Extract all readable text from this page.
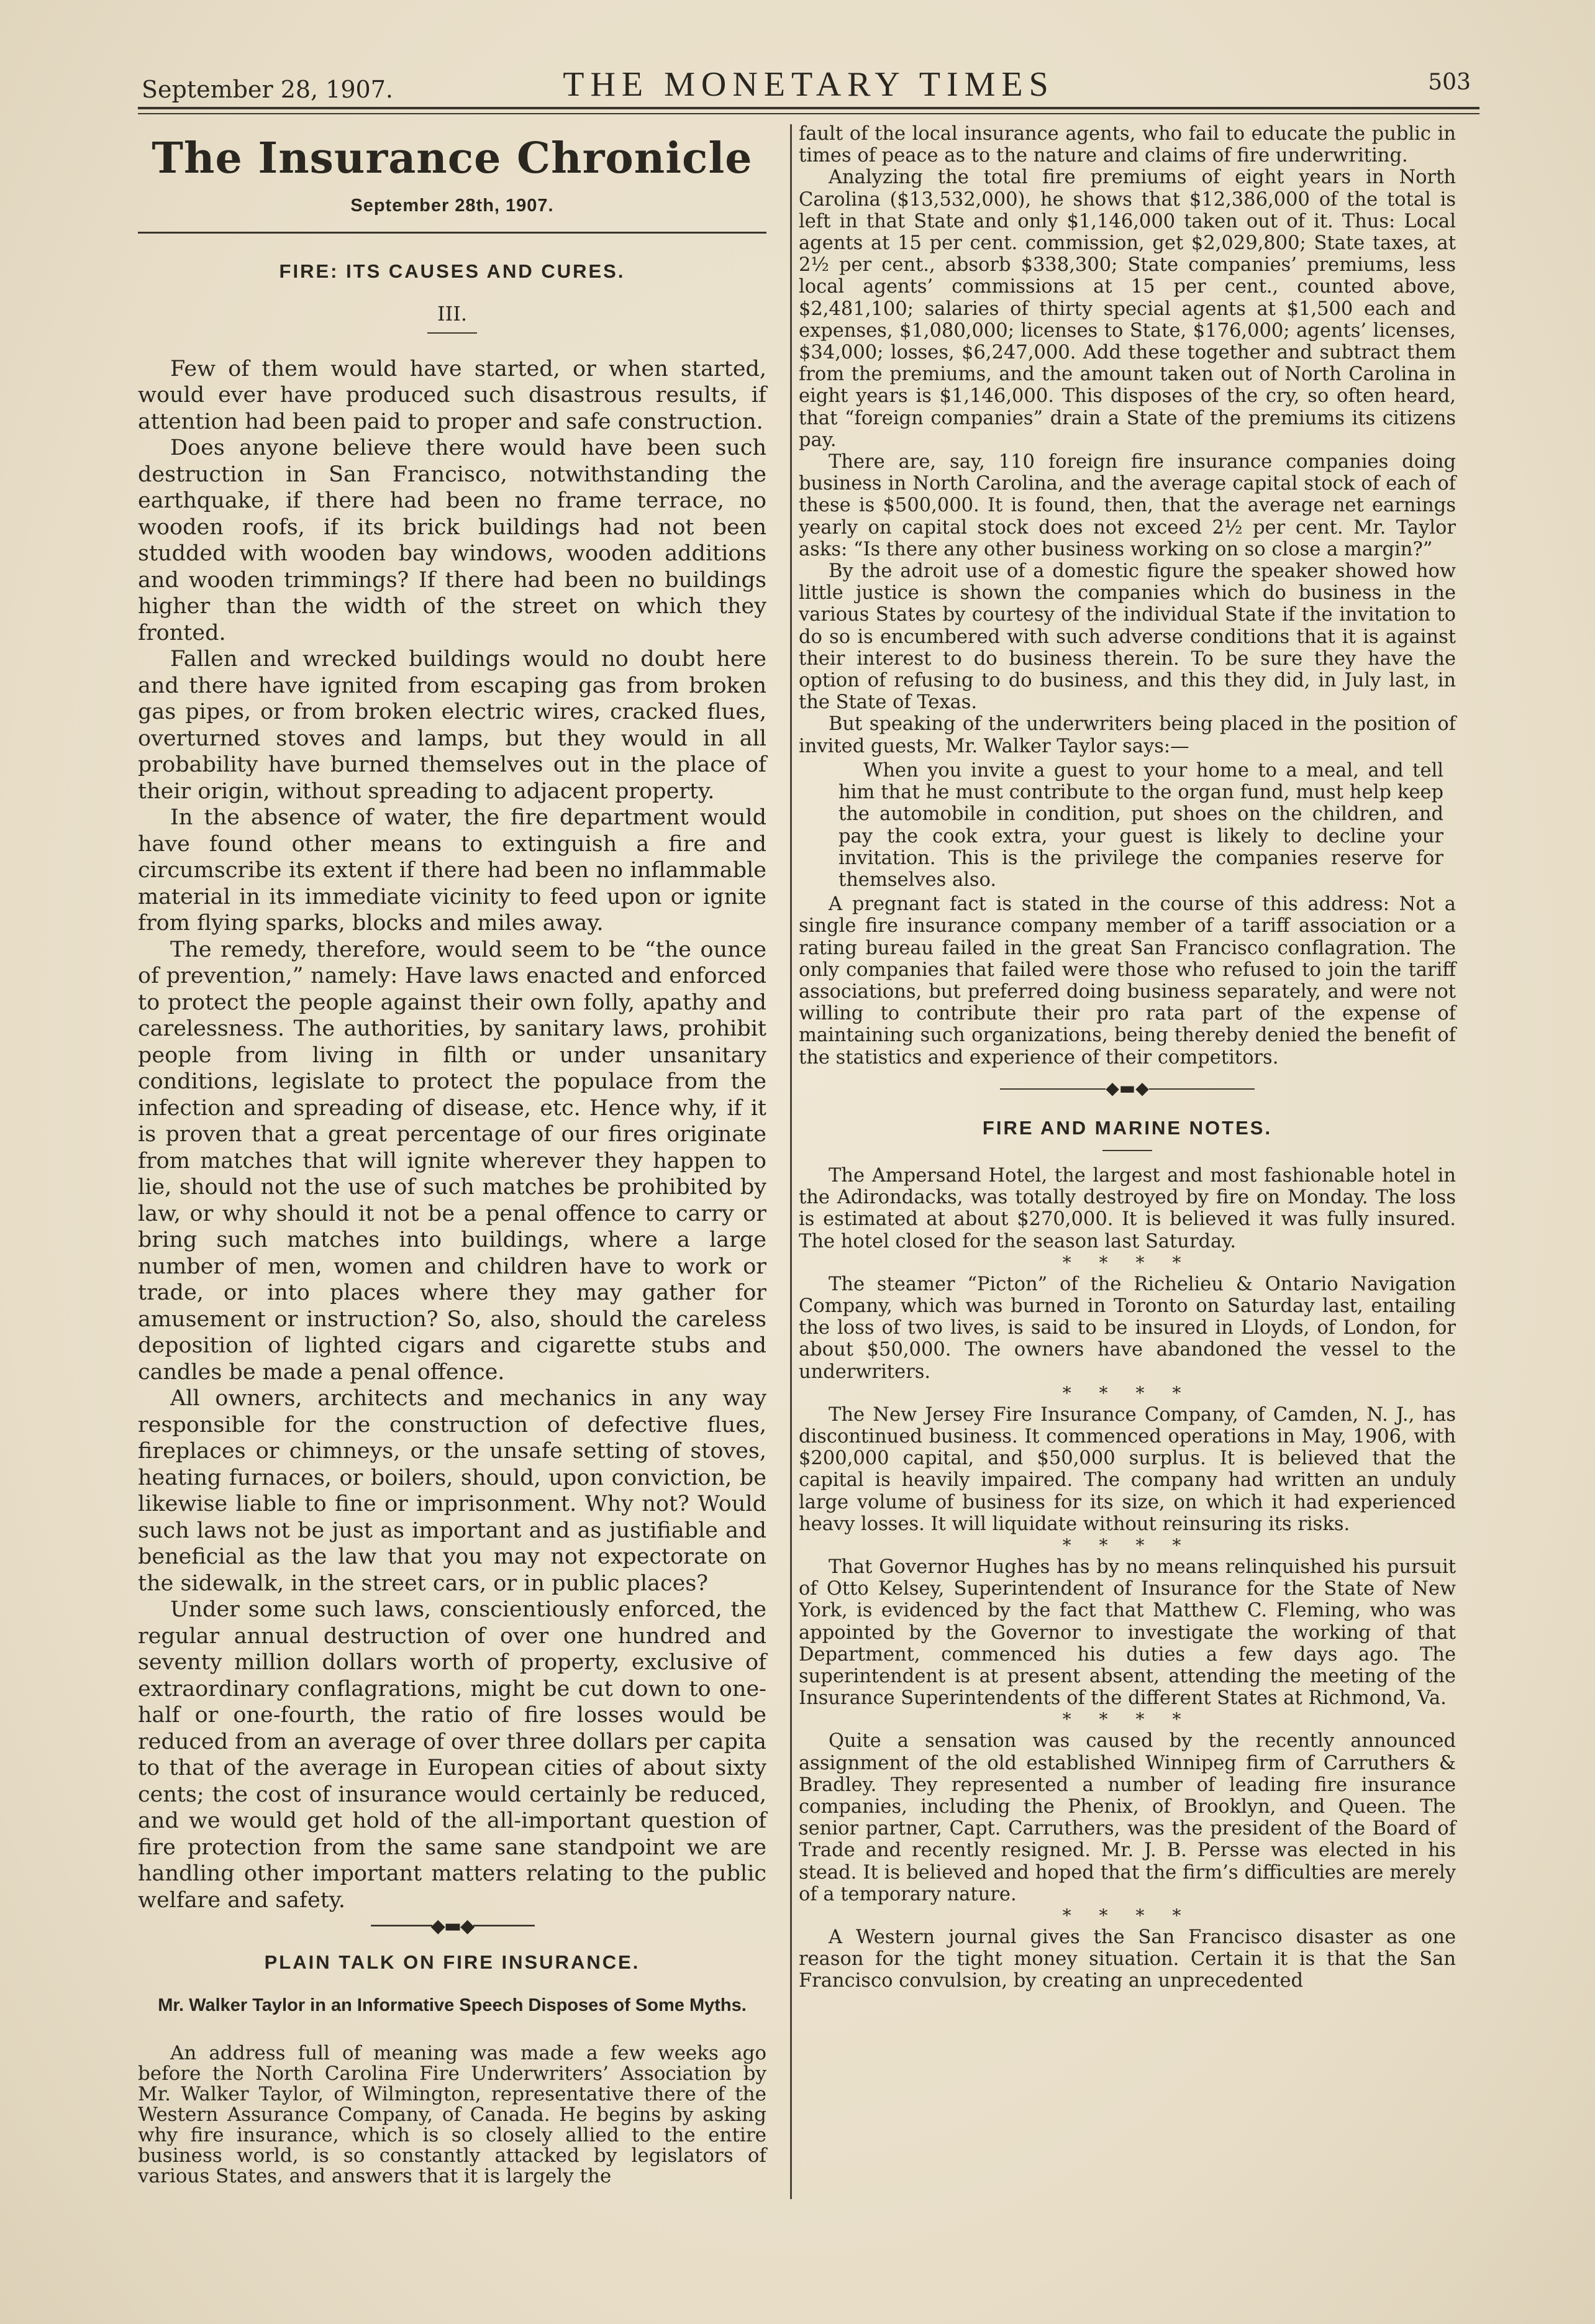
September 28, 1907.	THE MONETARY TIMES	503
The Insurance Chronicle
September 28th, 1907.
FIRE: ITS CAUSES AND CURES.
III.

Few of them would have started, or when started, would ever have produced such disastrous results, if attention had been paid to proper and safe construction.

Does anyone believe there would have been such destruction in San Francisco, notwithstanding the earthquake, if there had been no frame terrace, no wooden roofs, if its brick buildings had not been studded with wooden bay windows, wooden additions and wooden trimmings? If there had been no buildings higher than the width of the street on which they fronted.

Fallen and wrecked buildings would no doubt here and there have ignited from escaping gas from broken gas pipes, or from broken electric wires, cracked flues, overturned stoves and lamps, but they would in all probability have burned themselves out in the place of their origin, without spreading to adjacent property.

In the absence of water, the fire department would have found other means to extinguish a fire and circumscribe its extent if there had been no inflammable material in its immediate vicinity to feed upon or ignite from flying sparks, blocks and miles away.

The remedy, therefore, would seem to be “the ounce of prevention,” namely: Have laws enacted and enforced to protect the people against their own folly, apathy and carelessness. The authorities, by sanitary laws, prohibit people from living in filth or under unsanitary conditions, legislate to protect the populace from the infection and spreading of disease, etc. Hence why, if it is proven that a great percentage of our fires originate from matches that will ignite wherever they happen to lie, should not the use of such matches be prohibited by law, or why should it not be a penal offence to carry or bring such matches into buildings, where a large number of men, women and children have to work or trade, or into places where they may gather for amusement or instruction? So, also, should the careless deposition of lighted cigars and cigarette stubs and candles be made a penal offence.

All owners, architects and mechanics in any way responsible for the construction of defective flues, fireplaces or chimneys, or the unsafe setting of stoves, heating furnaces, or boilers, should, upon conviction, be likewise liable to fine or imprisonment. Why not? Would such laws not be just as important and as justifiable and beneficial as the law that you may not expectorate on the sidewalk, in the street cars, or in public places?

Under some such laws, conscientiously enforced, the regular annual destruction of over one hundred and seventy million dollars worth of property, exclusive of extraordinary conflagrations, might be cut down to one-half or one-fourth, the ratio of fire losses would be reduced from an average of over three dollars per capita to that of the average in European cities of about sixty cents; the cost of insurance would certainly be reduced, and we would get hold of the all-important question of fire protection from the same sane standpoint we are handling other important matters relating to the public welfare and safety.

──────◆▬◆──────
PLAIN TALK ON FIRE INSURANCE.
Mr. Walker Taylor in an Informative Speech Disposes of Some Myths.

An address full of meaning was made a few weeks ago before the North Carolina Fire Underwriters’ Association by Mr. Walker Taylor, of Wilmington, representative there of the Western Assurance Company, of Canada. He begins by asking why fire insurance, which is so closely allied to the entire business world, is so constantly attacked by legislators of various States, and answers that it is largely the

fault of the local insurance agents, who fail to educate the public in times of peace as to the nature and claims of fire underwriting.

Analyzing the total fire premiums of eight years in North Carolina ($13,532,000), he shows that $12,386,000 of the total is left in that State and only $1,146,000 taken out of it. Thus: Local agents at 15 per cent. commission, get $2,029,800; State taxes, at 2½ per cent., absorb $338,300; State companies’ premiums, less local agents’ commissions at 15 per cent., counted above, $2,481,100; salaries of thirty special agents at $1,500 each and expenses, $1,080,000; licenses to State, $176,000; agents’ licenses, $34,000; losses, $6,247,000. Add these together and subtract them from the premiums, and the amount taken out of North Carolina in eight years is $1,146,000. This disposes of the cry, so often heard, that “foreign companies” drain a State of the premiums its citizens pay.

There are, say, 110 foreign fire insurance companies doing business in North Carolina, and the average capital stock of each of these is $500,000. It is found, then, that the average net earnings yearly on capital stock does not exceed 2½ per cent. Mr. Taylor asks: “Is there any other business working on so close a margin?”

By the adroit use of a domestic figure the speaker showed how little justice is shown the companies which do business in the various States by courtesy of the individual State if the invitation to do so is encumbered with such adverse conditions that it is against their interest to do business therein. To be sure they have the option of refusing to do business, and this they did, in July last, in the State of Texas.

But speaking of the underwriters being placed in the position of invited guests, Mr. Walker Taylor says:—

When you invite a guest to your home to a meal, and tell him that he must contribute to the organ fund, must help keep the automobile in condition, put shoes on the children, and pay the cook extra, your guest is likely to decline your invitation. This is the privilege the companies reserve for themselves also.

A pregnant fact is stated in the course of this address: Not a single fire insurance company member of a tariff association or a rating bureau failed in the great San Francisco conflagration. The only companies that failed were those who refused to join the tariff associations, but preferred doing business separately, and were not willing to contribute their pro rata part of the expense of maintaining such organizations, being thereby denied the benefit of the statistics and experience of their competitors.

◆▬◆
FIRE AND MARINE NOTES.

The Ampersand Hotel, the largest and most fashionable hotel in the Adirondacks, was totally destroyed by fire on Monday. The loss is estimated at about $270,000. It is believed it was fully insured. The hotel closed for the season last Saturday.

* * * *

The steamer “Picton” of the Richelieu & Ontario Navigation Company, which was burned in Toronto on Saturday last, entailing the loss of two lives, is said to be insured in Lloyds, of London, for about $50,000. The owners have abandoned the vessel to the underwriters.

* * * *

The New Jersey Fire Insurance Company, of Camden, N. J., has discontinued business. It commenced operations in May, 1906, with $200,000 capital, and $50,000 surplus. It is believed that the capital is heavily impaired. The company had written an unduly large volume of business for its size, on which it had experienced heavy losses. It will liquidate without reinsuring its risks.

* * * *

That Governor Hughes has by no means relinquished his pursuit of Otto Kelsey, Superintendent of Insurance for the State of New York, is evidenced by the fact that Matthew C. Fleming, who was appointed by the Governor to investigate the working of that Department, commenced his duties a few days ago. The superintendent is at present absent, attending the meeting of the Insurance Superintendents of the different States at Richmond, Va.

* * * *

Quite a sensation was caused by the recently announced assignment of the old established Winnipeg firm of Carruthers & Bradley. They represented a number of leading fire insurance companies, including the Phenix, of Brooklyn, and Queen. The senior partner, Capt. Carruthers, was the president of the Board of Trade and recently resigned. Mr. J. B. Persse was elected in his stead. It is believed and hoped that the firm’s difficulties are merely of a temporary nature.

* * * *

A Western journal gives the San Francisco disaster as one reason for the tight money situation. Certain it is that the San Francisco convulsion, by creating an unprecedented
